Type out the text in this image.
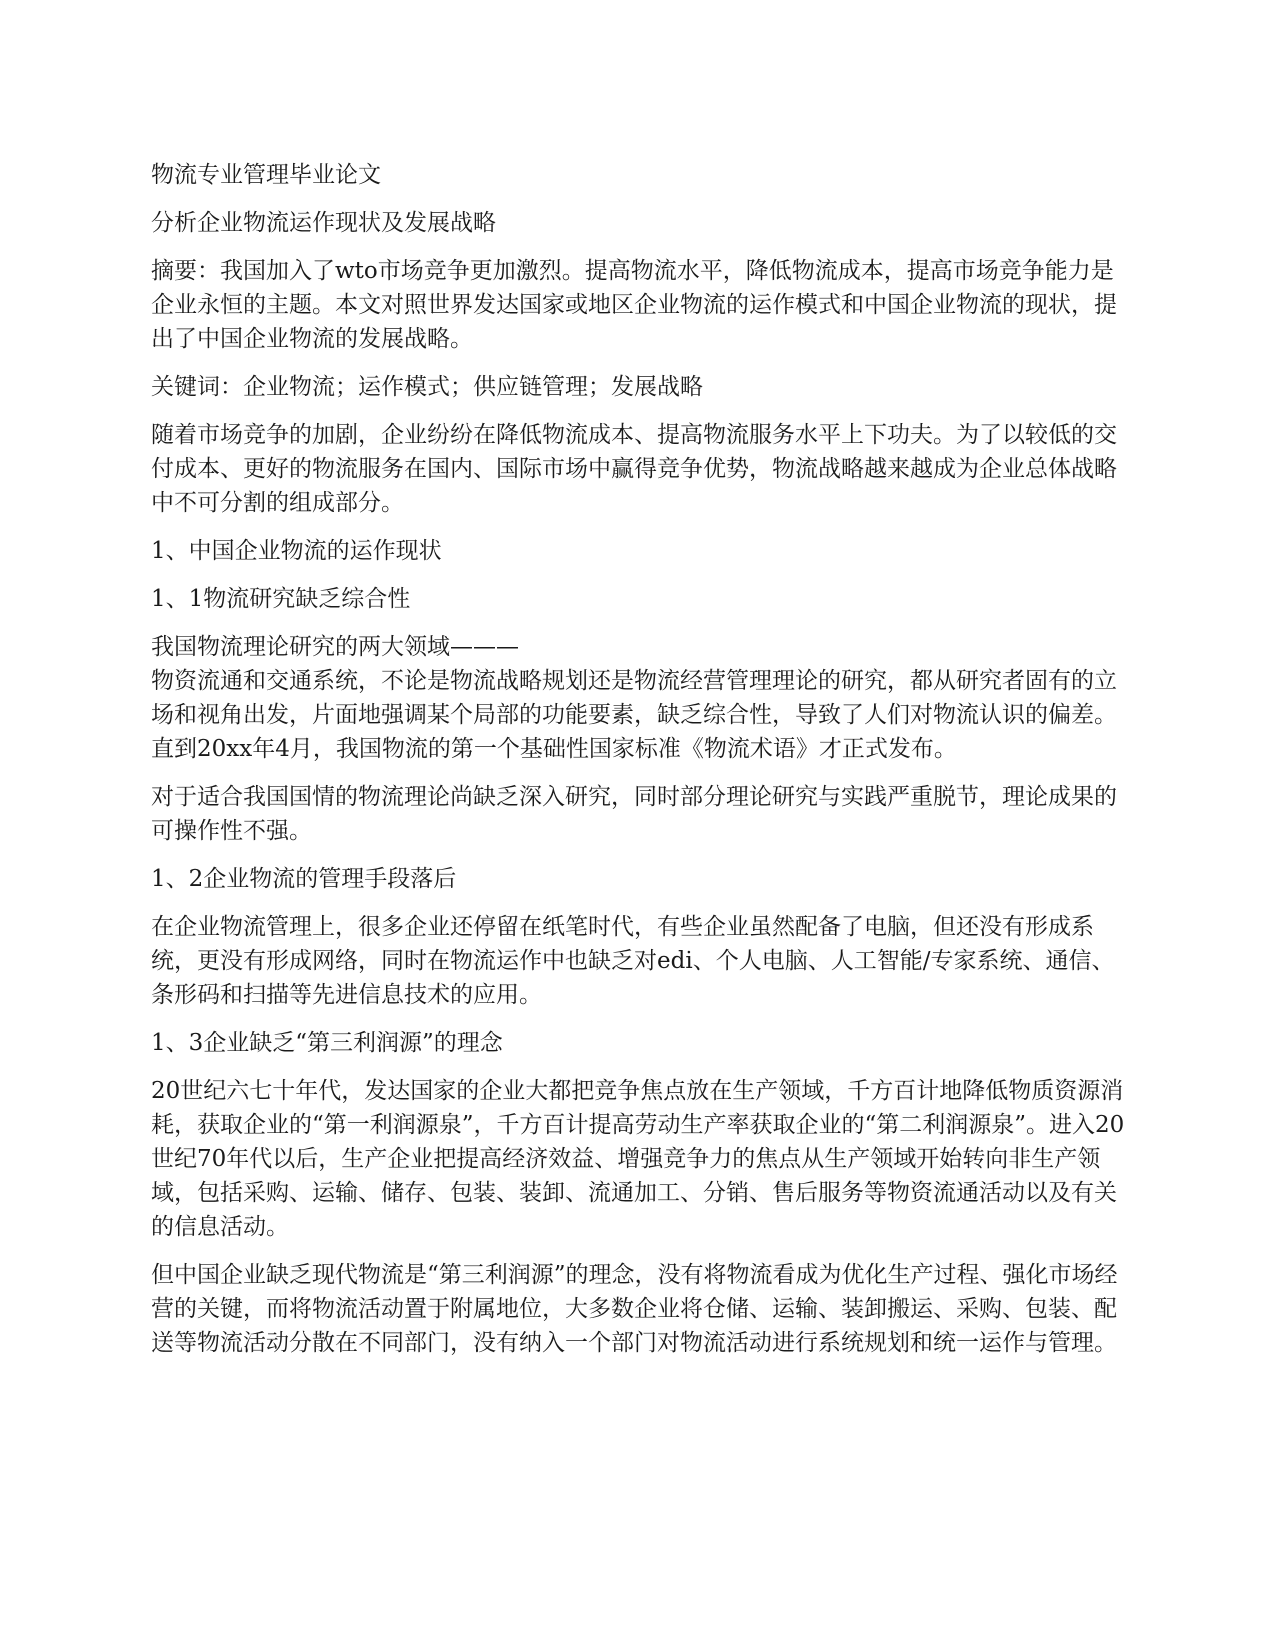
物流专业管理毕业论文

分析企业物流运作现状及发展战略

摘要：我国加入了wto市场竞争更加激烈。提高物流水平，降低物流成本，提高市场竞争能力是企业永恒的主题。本文对照世界发达国家或地区企业物流的运作模式和中国企业物流的现状，提出了中国企业物流的发展战略。

关键词：企业物流；运作模式；供应链管理；发展战略

随着市场竞争的加剧，企业纷纷在降低物流成本、提高物流服务水平上下功夫。为了以较低的交付成本、更好的物流服务在国内、国际市场中赢得竞争优势，物流战略越来越成为企业总体战略中不可分割的组成部分。

1、中国企业物流的运作现状

1、1物流研究缺乏综合性

我国物流理论研究的两大领域———

物资流通和交通系统，不论是物流战略规划还是物流经营管理理论的研究，都从研究者固有的立场和视角出发，片面地强调某个局部的功能要素，缺乏综合性，导致了人们对物流认识的偏差。直到20xx年4月，我国物流的第一个基础性国家标准《物流术语》才正式发布。

对于适合我国国情的物流理论尚缺乏深入研究，同时部分理论研究与实践严重脱节，理论成果的可操作性不强。

1、2企业物流的管理手段落后

在企业物流管理上，很多企业还停留在纸笔时代，有些企业虽然配备了电脑，但还没有形成系统，更没有形成网络，同时在物流运作中也缺乏对edi、个人电脑、人工智能/专家系统、通信、条形码和扫描等先进信息技术的应用。

1、3企业缺乏“第三利润源”的理念

20世纪六七十年代，发达国家的企业大都把竞争焦点放在生产领域，千方百计地降低物质资源消耗，获取企业的“第一利润源泉”，千方百计提高劳动生产率获取企业的“第二利润源泉”。进入20世纪70年代以后，生产企业把提高经济效益、增强竞争力的焦点从生产领域开始转向非生产领域，包括采购、运输、储存、包装、装卸、流通加工、分销、售后服务等物资流通活动以及有关的信息活动。

但中国企业缺乏现代物流是“第三利润源”的理念，没有将物流看成为优化生产过程、强化市场经营的关键，而将物流活动置于附属地位，大多数企业将仓储、运输、装卸搬运、采购、包装、配送等物流活动分散在不同部门，没有纳入一个部门对物流活动进行系统规划和统一运作与管理。
